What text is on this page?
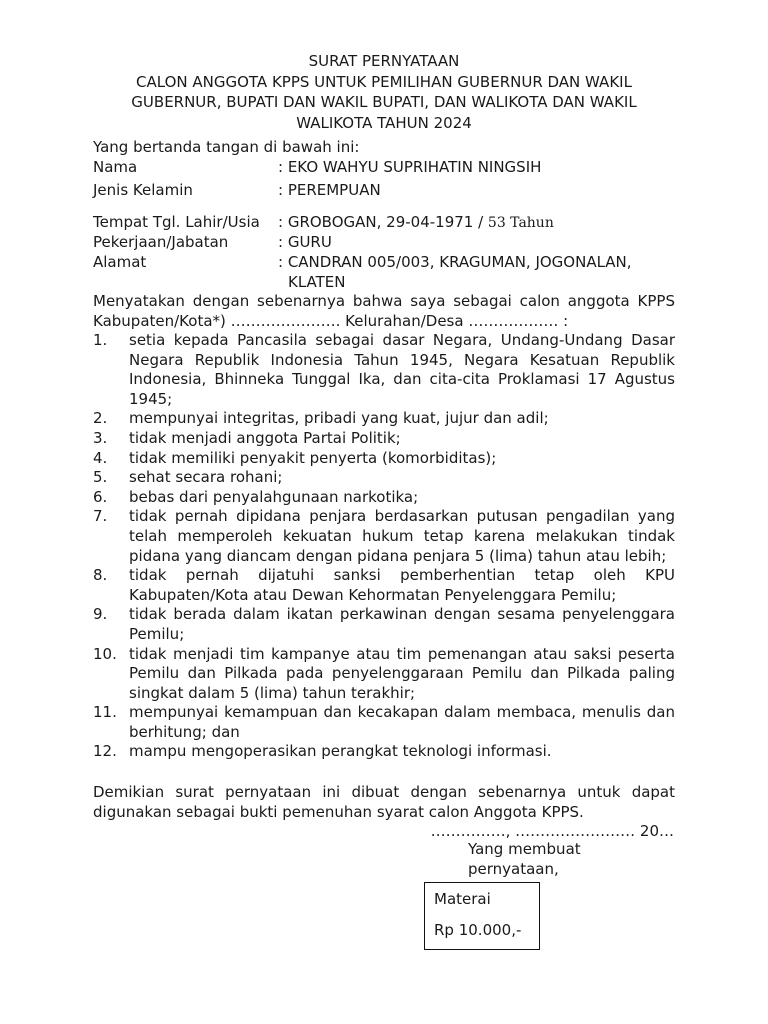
SURAT PERNYATAAN
CALON ANGGOTA KPPS UNTUK PEMILIHAN GUBERNUR DAN WAKIL
GUBERNUR, BUPATI DAN WAKIL BUPATI, DAN WALIKOTA DAN WAKIL
WALIKOTA TAHUN 2024
Yang bertanda tangan di bawah ini:
Nama	: EKO WAHYU SUPRIHATIN NINGSIH
Jenis Kelamin	: PEREMPUAN
Tempat Tgl. Lahir/Usia : GROBOGAN, 29-04-1971 / 53 Tahun
Pekerjaan/Jabatan	: GURU
Alamat	: CANDRAN 005/003, KRAGUMAN, JOGONALAN,
KLATEN
Menyatakan dengan sebenarnya bahwa saya sebagai calon anggota KPPS Kabupaten/Kota*) …………………. Kelurahan/Desa ……………… :
1. setia kepada Pancasila sebagai dasar Negara, Undang-Undang Dasar Negara Republik Indonesia Tahun 1945, Negara Kesatuan Republik Indonesia, Bhinneka Tunggal Ika, dan cita-cita Proklamasi 17 Agustus 1945;
2. mempunyai integritas, pribadi yang kuat, jujur dan adil;
3. tidak menjadi anggota Partai Politik;
4. tidak memiliki penyakit penyerta (komorbiditas);
5. sehat secara rohani;
6. bebas dari penyalahgunaan narkotika;
7. tidak pernah dipidana penjara berdasarkan putusan pengadilan yang telah memperoleh kekuatan hukum tetap karena melakukan tindak pidana yang diancam dengan pidana penjara 5 (lima) tahun atau lebih;
8. tidak pernah dijatuhi sanksi pemberhentian tetap oleh KPU Kabupaten/Kota atau Dewan Kehormatan Penyelenggara Pemilu;
9. tidak berada dalam ikatan perkawinan dengan sesama penyelenggara Pemilu;
10. tidak menjadi tim kampanye atau tim pemenangan atau saksi peserta Pemilu dan Pilkada pada penyelenggaraan Pemilu dan Pilkada paling singkat dalam 5 (lima) tahun terakhir;
11. mempunyai kemampuan dan kecakapan dalam membaca, menulis dan berhitung; dan
12. mampu mengoperasikan perangkat teknologi informasi.
Demikian surat pernyataan ini dibuat dengan sebenarnya untuk dapat digunakan sebagai bukti pemenuhan syarat calon Anggota KPPS.
……………, …………………… 20…
Yang membuat
pernyataan,
Materai
Rp 10.000,-
